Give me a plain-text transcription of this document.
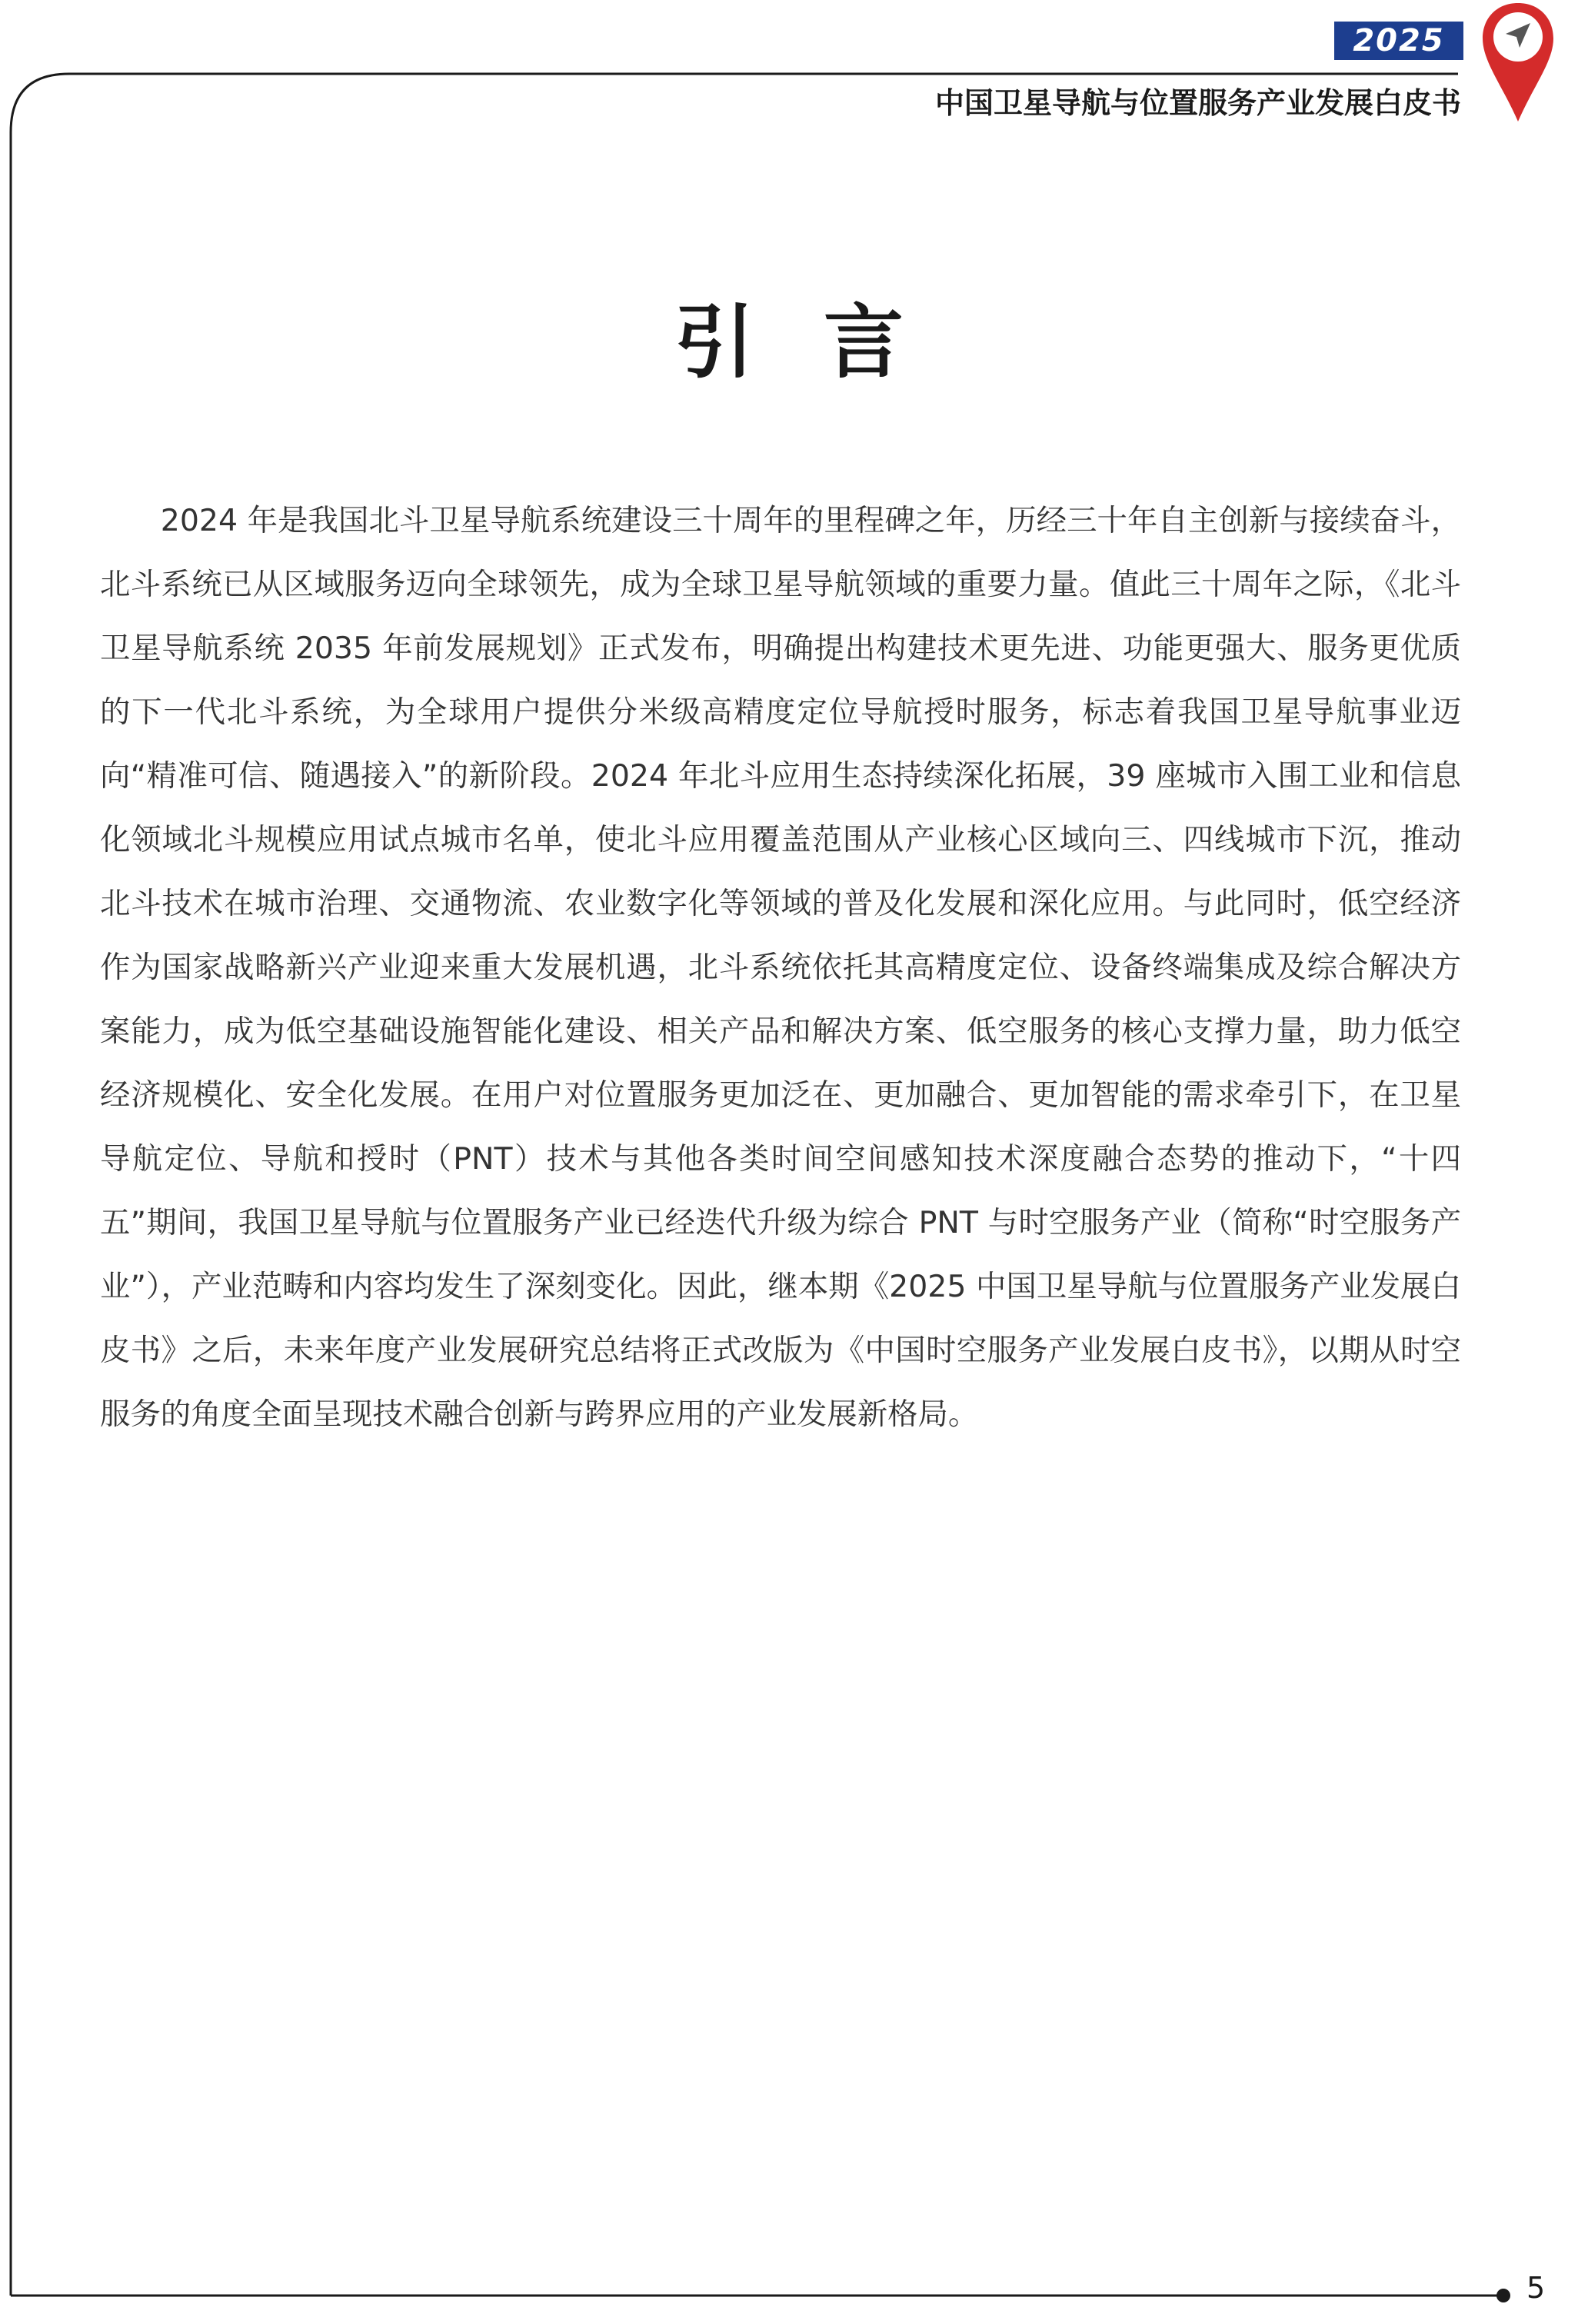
2025
中国卫星导航与位置服务产业发展白皮书
引言

2024 年是我国北斗卫星导航系统建设三十周年的里程碑之年，历经三十年自主创新与接续奋斗，北斗系统已从区域服务迈向全球领先，成为全球卫星导航领域的重要力量。值此三十周年之际，《北斗卫星导航系统 2035 年前发展规划》正式发布，明确提出构建技术更先进、功能更强大、服务更优质的下一代北斗系统，为全球用户提供分米级高精度定位导航授时服务，标志着我国卫星导航事业迈向“精准可信、随遇接入”的新阶段。2024 年北斗应用生态持续深化拓展，39 座城市入围工业和信息化领域北斗规模应用试点城市名单，使北斗应用覆盖范围从产业核心区域向三、四线城市下沉，推动北斗技术在城市治理、交通物流、农业数字化等领域的普及化发展和深化应用。与此同时，低空经济作为国家战略新兴产业迎来重大发展机遇，北斗系统依托其高精度定位、设备终端集成及综合解决方案能力，成为低空基础设施智能化建设、相关产品和解决方案、低空服务的核心支撑力量，助力低空经济规模化、安全化发展。在用户对位置服务更加泛在、更加融合、更加智能的需求牵引下，在卫星导航定位、导航和授时（PNT）技术与其他各类时间空间感知技术深度融合态势的推动下，“十四五”期间，我国卫星导航与位置服务产业已经迭代升级为综合 PNT 与时空服务产业（简称“时空服务产业”），产业范畴和内容均发生了深刻变化。因此，继本期《2025 中国卫星导航与位置服务产业发展白皮书》之后，未来年度产业发展研究总结将正式改版为《中国时空服务产业发展白皮书》，以期从时空服务的角度全面呈现技术融合创新与跨界应用的产业发展新格局。

5
